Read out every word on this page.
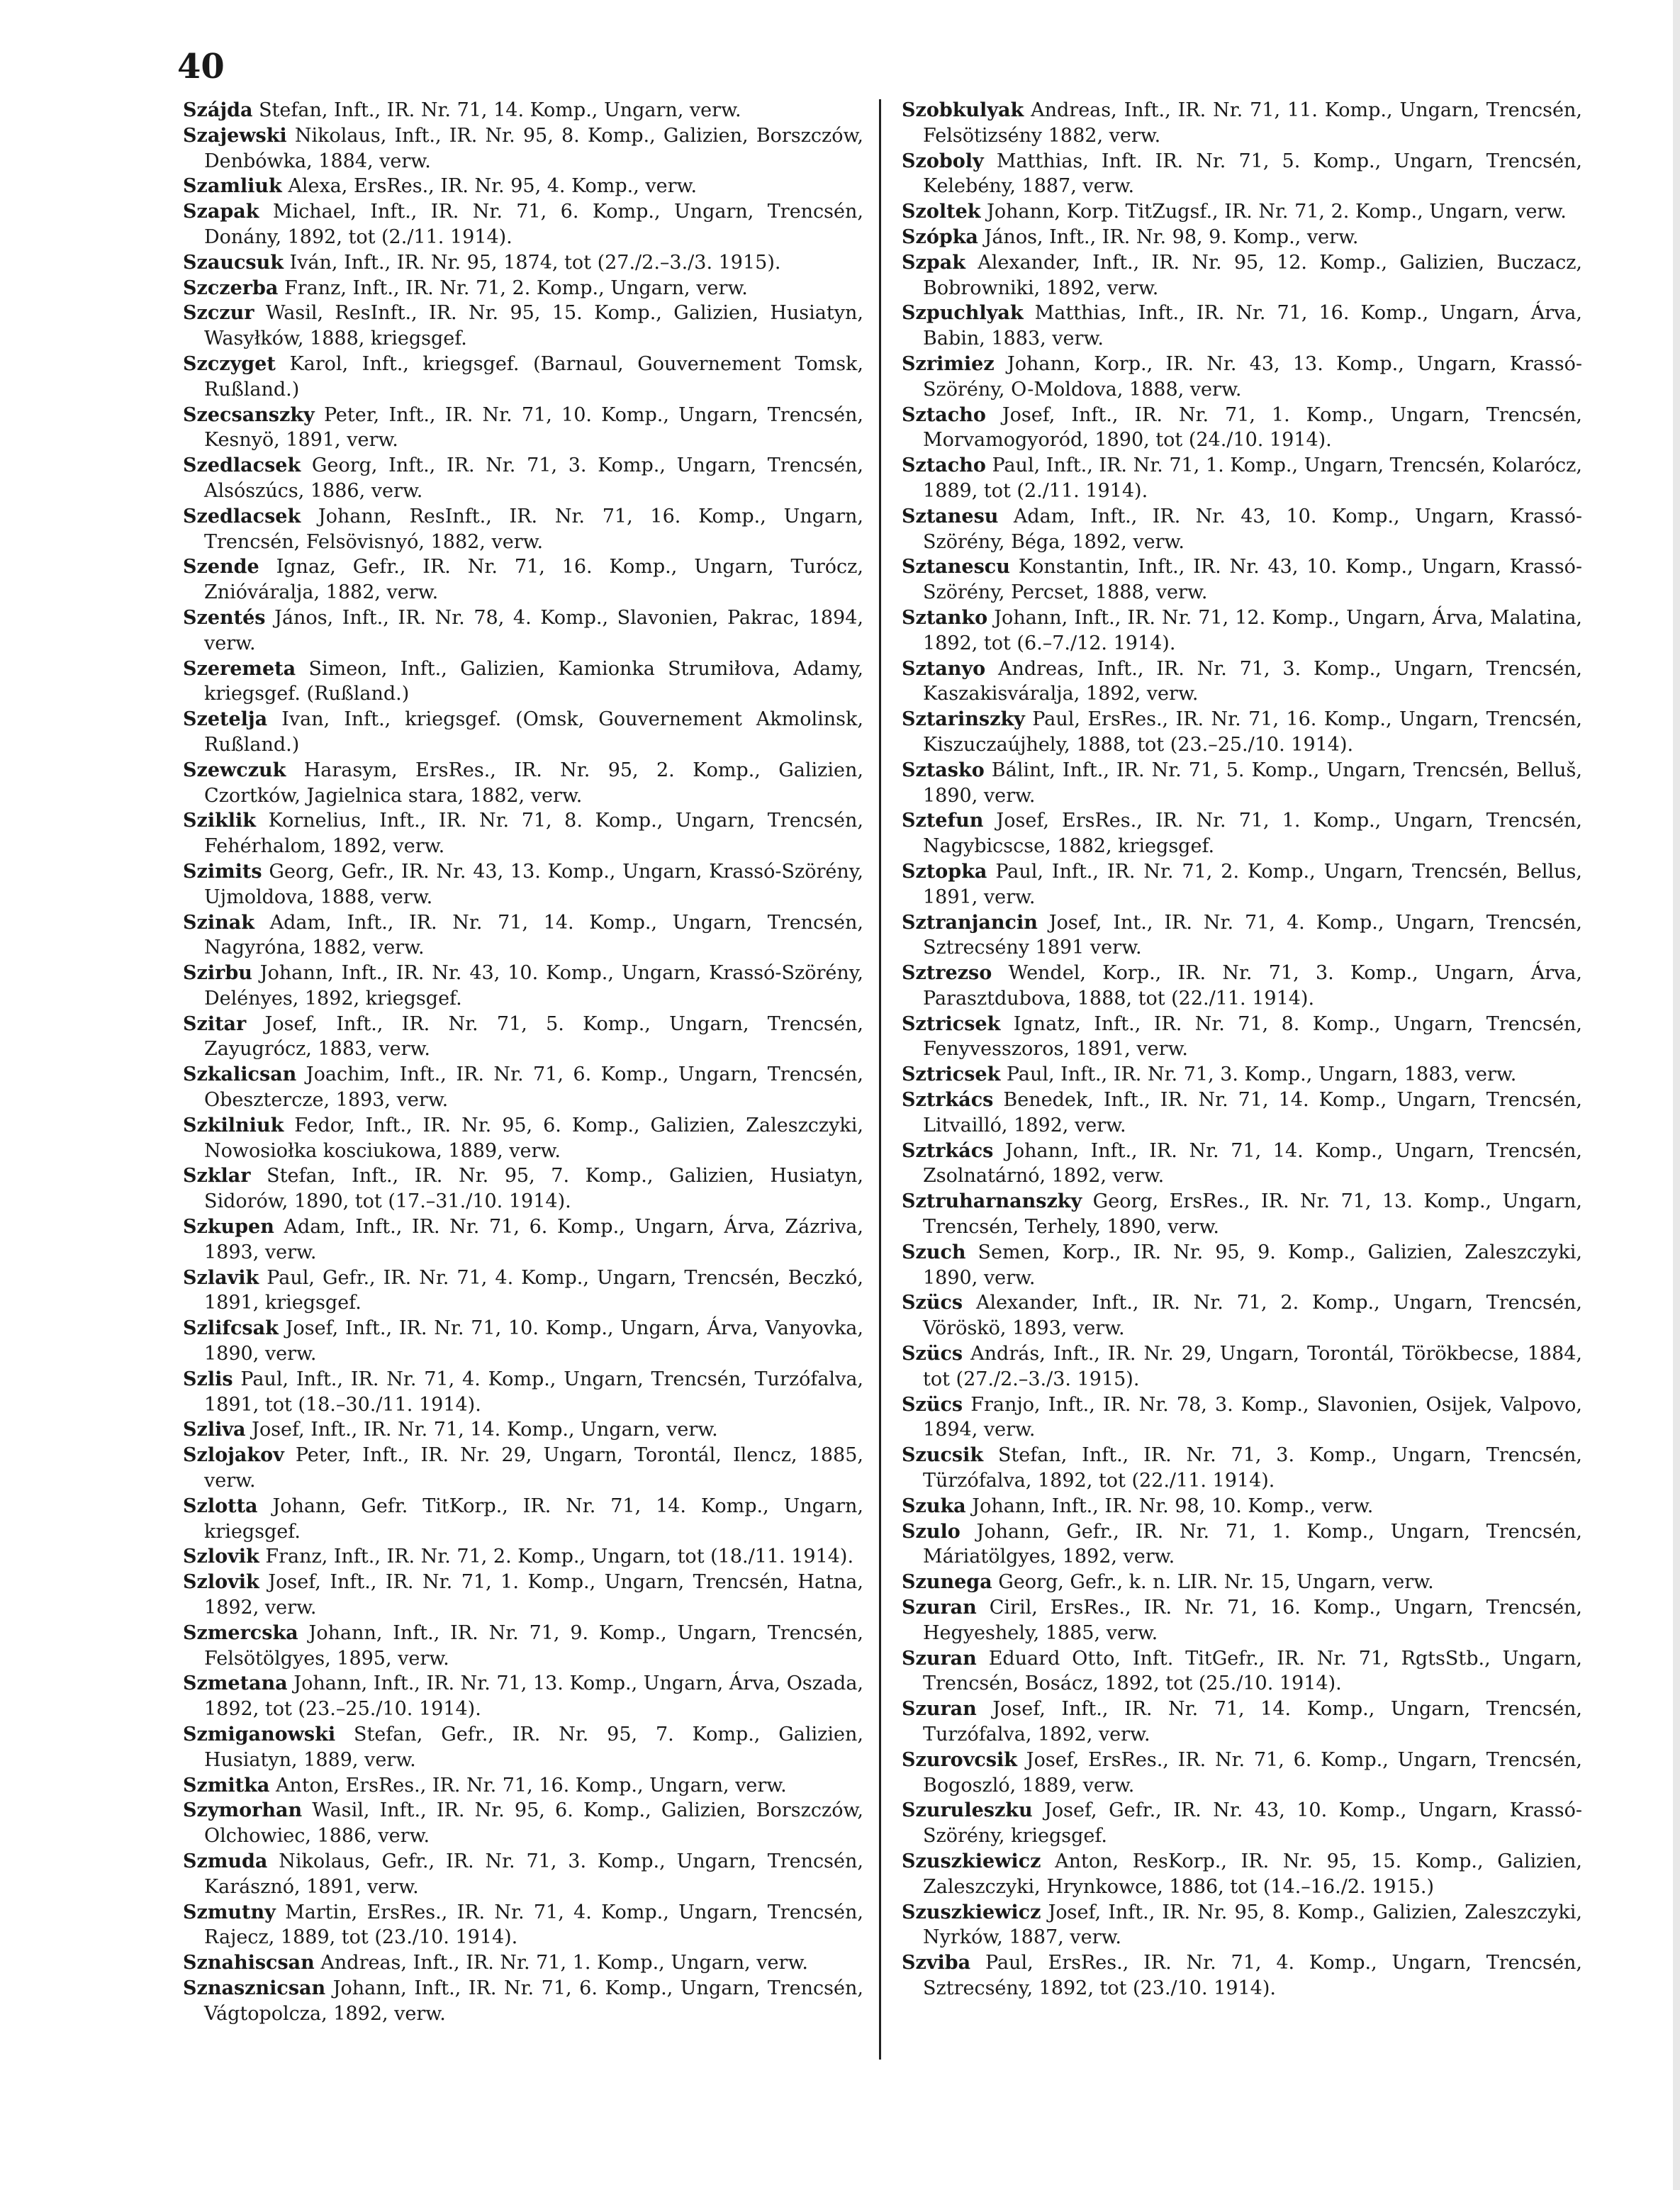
40

Szájda Stefan, Inft., IR. Nr. 71, 14. Komp., Ungarn, verw.

Szajewski Nikolaus, Inft., IR. Nr. 95, 8. Komp., Galizien, Borszczów, Denbówka, 1884, verw.

Szamliuk Alexa, ErsRes., IR. Nr. 95, 4. Komp., verw.

Szapak Michael, Inft., IR. Nr. 71, 6. Komp., Ungarn, Trencsén, Donány, 1892, tot (2./11. 1914).

Szaucsuk Iván, Inft., IR. Nr. 95, 1874, tot (27./2.–3./3. 1915).

Szczerba Franz, Inft., IR. Nr. 71, 2. Komp., Ungarn, verw.

Szczur Wasil, ResInft., IR. Nr. 95, 15. Komp., Galizien, Husiatyn, Wasyłków, 1888, kriegsgef.

Szczyget Karol, Inft., kriegsgef. (Barnaul, Gouvernement Tomsk, Rußland.)

Szecsanszky Peter, Inft., IR. Nr. 71, 10. Komp., Ungarn, Trencsén, Kesnyö, 1891, verw.

Szedlacsek Georg, Inft., IR. Nr. 71, 3. Komp., Ungarn, Trencsén, Alsószúcs, 1886, verw.

Szedlacsek Johann, ResInft., IR. Nr. 71, 16. Komp., Ungarn, Trencsén, Felsövisnyó, 1882, verw.

Szende Ignaz, Gefr., IR. Nr. 71, 16. Komp., Ungarn, Turócz, Zniόváralja, 1882, verw.

Szentés János, Inft., IR. Nr. 78, 4. Komp., Slavonien, Pakrac, 1894, verw.

Szeremeta Simeon, Inft., Galizien, Kamionka Strumiłova, Adamy, kriegsgef. (Rußland.)

Szetelja Ivan, Inft., kriegsgef. (Omsk, Gouvernement Akmolinsk, Rußland.)

Szewczuk Harasym, ErsRes., IR. Nr. 95, 2. Komp., Galizien, Czortków, Jagielnica stara, 1882, verw.

Sziklik Kornelius, Inft., IR. Nr. 71, 8. Komp., Ungarn, Trencsén, Fehérhalom, 1892, verw.

Szimits Georg, Gefr., IR. Nr. 43, 13. Komp., Ungarn, Krassó-Szörény, Ujmoldova, 1888, verw.

Szinak Adam, Inft., IR. Nr. 71, 14. Komp., Ungarn, Trencsén, Nagyróna, 1882, verw.

Szirbu Johann, Inft., IR. Nr. 43, 10. Komp., Ungarn, Krassó-Szörény, Delényes, 1892, kriegsgef.

Szitar Josef, Inft., IR. Nr. 71, 5. Komp., Ungarn, Trencsén, Zayugrócz, 1883, verw.

Szkalicsan Joachim, Inft., IR. Nr. 71, 6. Komp., Ungarn, Trencsén, Obesztercze, 1893, verw.

Szkilniuk Fedor, Inft., IR. Nr. 95, 6. Komp., Galizien, Zaleszczyki, Nowosiołka kosciukowa, 1889, verw.

Szklar Stefan, Inft., IR. Nr. 95, 7. Komp., Galizien, Husiatyn, Sidorów, 1890, tot (17.–31./10. 1914).

Szkupen Adam, Inft., IR. Nr. 71, 6. Komp., Ungarn, Árva, Zázriva, 1893, verw.

Szlavik Paul, Gefr., IR. Nr. 71, 4. Komp., Ungarn, Trencsén, Beczkó, 1891, kriegsgef.

Szlifcsak Josef, Inft., IR. Nr. 71, 10. Komp., Ungarn, Árva, Vanyovka, 1890, verw.

Szlis Paul, Inft., IR. Nr. 71, 4. Komp., Ungarn, Trencsén, Turzófalva, 1891, tot (18.–30./11. 1914).

Szliva Josef, Inft., IR. Nr. 71, 14. Komp., Ungarn, verw.

Szlojakov Peter, Inft., IR. Nr. 29, Ungarn, Torontál, Ilencz, 1885, verw.

Szlotta Johann, Gefr. TitKorp., IR. Nr. 71, 14. Komp., Ungarn, kriegsgef.

Szlovik Franz, Inft., IR. Nr. 71, 2. Komp., Ungarn, tot (18./11. 1914).

Szlovik Josef, Inft., IR. Nr. 71, 1. Komp., Ungarn, Trencsén, Hatna, 1892, verw.

Szmercska Johann, Inft., IR. Nr. 71, 9. Komp., Ungarn, Trencsén, Felsötölgyes, 1895, verw.

Szmetana Johann, Inft., IR. Nr. 71, 13. Komp., Ungarn, Árva, Oszada, 1892, tot (23.–25./10. 1914).

Szmiganowski Stefan, Gefr., IR. Nr. 95, 7. Komp., Galizien, Husiatyn, 1889, verw.

Szmitka Anton, ErsRes., IR. Nr. 71, 16. Komp., Ungarn, verw.

Szymorhan Wasil, Inft., IR. Nr. 95, 6. Komp., Galizien, Borszczów, Olchowiec, 1886, verw.

Szmuda Nikolaus, Gefr., IR. Nr. 71, 3. Komp., Ungarn, Trencsén, Karásznó, 1891, verw.

Szmutny Martin, ErsRes., IR. Nr. 71, 4. Komp., Ungarn, Trencsén, Rajecz, 1889, tot (23./10. 1914).

Sznahiscsan Andreas, Inft., IR. Nr. 71, 1. Komp., Ungarn, verw.

Sznasznicsan Johann, Inft., IR. Nr. 71, 6. Komp., Ungarn, Trencsén, Vágtopolcza, 1892, verw.

Szobkulyak Andreas, Inft., IR. Nr. 71, 11. Komp., Ungarn, Trencsén, Felsötizsény 1882, verw.

Szoboly Matthias, Inft. IR. Nr. 71, 5. Komp., Ungarn, Trencsén, Kelebény, 1887, verw.

Szoltek Johann, Korp. TitZugsf., IR. Nr. 71, 2. Komp., Ungarn, verw.

Szópka János, Inft., IR. Nr. 98, 9. Komp., verw.

Szpak Alexander, Inft., IR. Nr. 95, 12. Komp., Galizien, Buczacz, Bobrowniki, 1892, verw.

Szpuchlyak Matthias, Inft., IR. Nr. 71, 16. Komp., Ungarn, Árva, Babin, 1883, verw.

Szrimiez Johann, Korp., IR. Nr. 43, 13. Komp., Ungarn, Krassó-Szörény, O-Moldova, 1888, verw.

Sztacho Josef, Inft., IR. Nr. 71, 1. Komp., Ungarn, Trencsén, Morvamogyoród, 1890, tot (24./10. 1914).

Sztacho Paul, Inft., IR. Nr. 71, 1. Komp., Ungarn, Trencsén, Kolarócz, 1889, tot (2./11. 1914).

Sztanesu Adam, Inft., IR. Nr. 43, 10. Komp., Ungarn, Krassó-Szörény, Béga, 1892, verw.

Sztanescu Konstantin, Inft., IR. Nr. 43, 10. Komp., Ungarn, Krassó-Szörény, Percset, 1888, verw.

Sztanko Johann, Inft., IR. Nr. 71, 12. Komp., Ungarn, Árva, Malatina, 1892, tot (6.–7./12. 1914).

Sztanyo Andreas, Inft., IR. Nr. 71, 3. Komp., Ungarn, Trencsén, Kaszakisváralja, 1892, verw.

Sztarinszky Paul, ErsRes., IR. Nr. 71, 16. Komp., Ungarn, Trencsén, Kiszuczaújhely, 1888, tot (23.–25./10. 1914).

Sztasko Bálint, Inft., IR. Nr. 71, 5. Komp., Ungarn, Trencsén, Belluš, 1890, verw.

Sztefun Josef, ErsRes., IR. Nr. 71, 1. Komp., Ungarn, Trencsén, Nagybicscse, 1882, kriegsgef.

Sztopka Paul, Inft., IR. Nr. 71, 2. Komp., Ungarn, Trencsén, Bellus, 1891, verw.

Sztranjancin Josef, Int., IR. Nr. 71, 4. Komp., Ungarn, Trencsén, Sztrecsény 1891 verw.

Sztrezso Wendel, Korp., IR. Nr. 71, 3. Komp., Ungarn, Árva, Parasztdubova, 1888, tot (22./11. 1914).

Sztricsek Ignatz, Inft., IR. Nr. 71, 8. Komp., Ungarn, Trencsén, Fenyvesszoros, 1891, verw.

Sztricsek Paul, Inft., IR. Nr. 71, 3. Komp., Ungarn, 1883, verw.

Sztrkács Benedek, Inft., IR. Nr. 71, 14. Komp., Ungarn, Trencsén, Litvailló, 1892, verw.

Sztrkács Johann, Inft., IR. Nr. 71, 14. Komp., Ungarn, Trencsén, Zsolnatárnó, 1892, verw.

Sztruharnanszky Georg, ErsRes., IR. Nr. 71, 13. Komp., Ungarn, Trencsén, Terhely, 1890, verw.

Szuch Semen, Korp., IR. Nr. 95, 9. Komp., Galizien, Zaleszczyki, 1890, verw.

Szücs Alexander, Inft., IR. Nr. 71, 2. Komp., Ungarn, Trencsén, Vöröskö, 1893, verw.

Szücs András, Inft., IR. Nr. 29, Ungarn, Torontál, Törökbecse, 1884, tot (27./2.–3./3. 1915).

Szücs Franjo, Inft., IR. Nr. 78, 3. Komp., Slavonien, Osijek, Valpovo, 1894, verw.

Szucsik Stefan, Inft., IR. Nr. 71, 3. Komp., Ungarn, Trencsén, Türzófalva, 1892, tot (22./11. 1914).

Szuka Johann, Inft., IR. Nr. 98, 10. Komp., verw.

Szulo Johann, Gefr., IR. Nr. 71, 1. Komp., Ungarn, Trencsén, Máriatölgyes, 1892, verw.

Szunega Georg, Gefr., k. n. LIR. Nr. 15, Ungarn, verw.

Szuran Ciril, ErsRes., IR. Nr. 71, 16. Komp., Ungarn, Trencsén, Hegyeshely, 1885, verw.

Szuran Eduard Otto, Inft. TitGefr., IR. Nr. 71, RgtsStb., Ungarn, Trencsén, Bosácz, 1892, tot (25./10. 1914).

Szuran Josef, Inft., IR. Nr. 71, 14. Komp., Ungarn, Trencsén, Turzófalva, 1892, verw.

Szurovcsik Josef, ErsRes., IR. Nr. 71, 6. Komp., Ungarn, Trencsén, Bogoszló, 1889, verw.

Szuruleszku Josef, Gefr., IR. Nr. 43, 10. Komp., Ungarn, Krassó-Szörény, kriegsgef.

Szuszkiewicz Anton, ResKorp., IR. Nr. 95, 15. Komp., Galizien, Zaleszczyki, Hrynkowce, 1886, tot (14.–16./2. 1915.)

Szuszkiewicz Josef, Inft., IR. Nr. 95, 8. Komp., Galizien, Zaleszczyki, Nyrków, 1887, verw.

Szviba Paul, ErsRes., IR. Nr. 71, 4. Komp., Ungarn, Trencsén, Sztrecsény, 1892, tot (23./10. 1914).
